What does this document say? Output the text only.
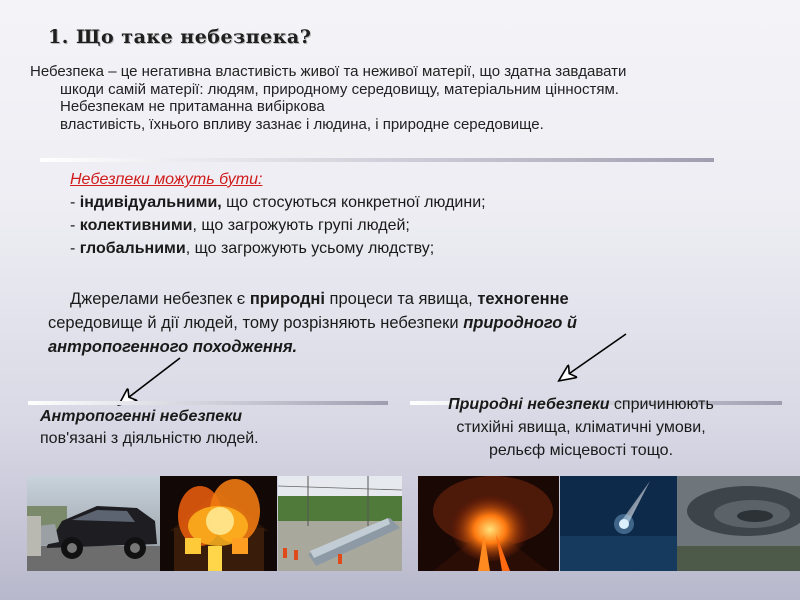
1. Що таке небезпека?
Небезпека – це негативна властивість живої та неживої матерії, що здатна завдавати
шкоди самій матерії: людям, природному середовищу, матеріальним цінностям.
Небезпекам не притаманна вибіркова
властивість, їхнього впливу зазнає і людина, і природне середовище.
Небезпеки можуть бути:
- індивідуальними, що стосуються конкретної людини;
- колективними, що загрожують групі людей;
- глобальними, що загрожують усьому людству;
Джерелами небезпек є природні процеси та явища, техногенне
середовище й дії людей, тому розрізняють небезпеки природного й
антропогенного походження.
Антропогенні небезпеки
пов'язані з діяльністю людей.
Природні небезпеки спричинюють
стихійні явища, кліматичні умови,
рельєф місцевості тощо.
